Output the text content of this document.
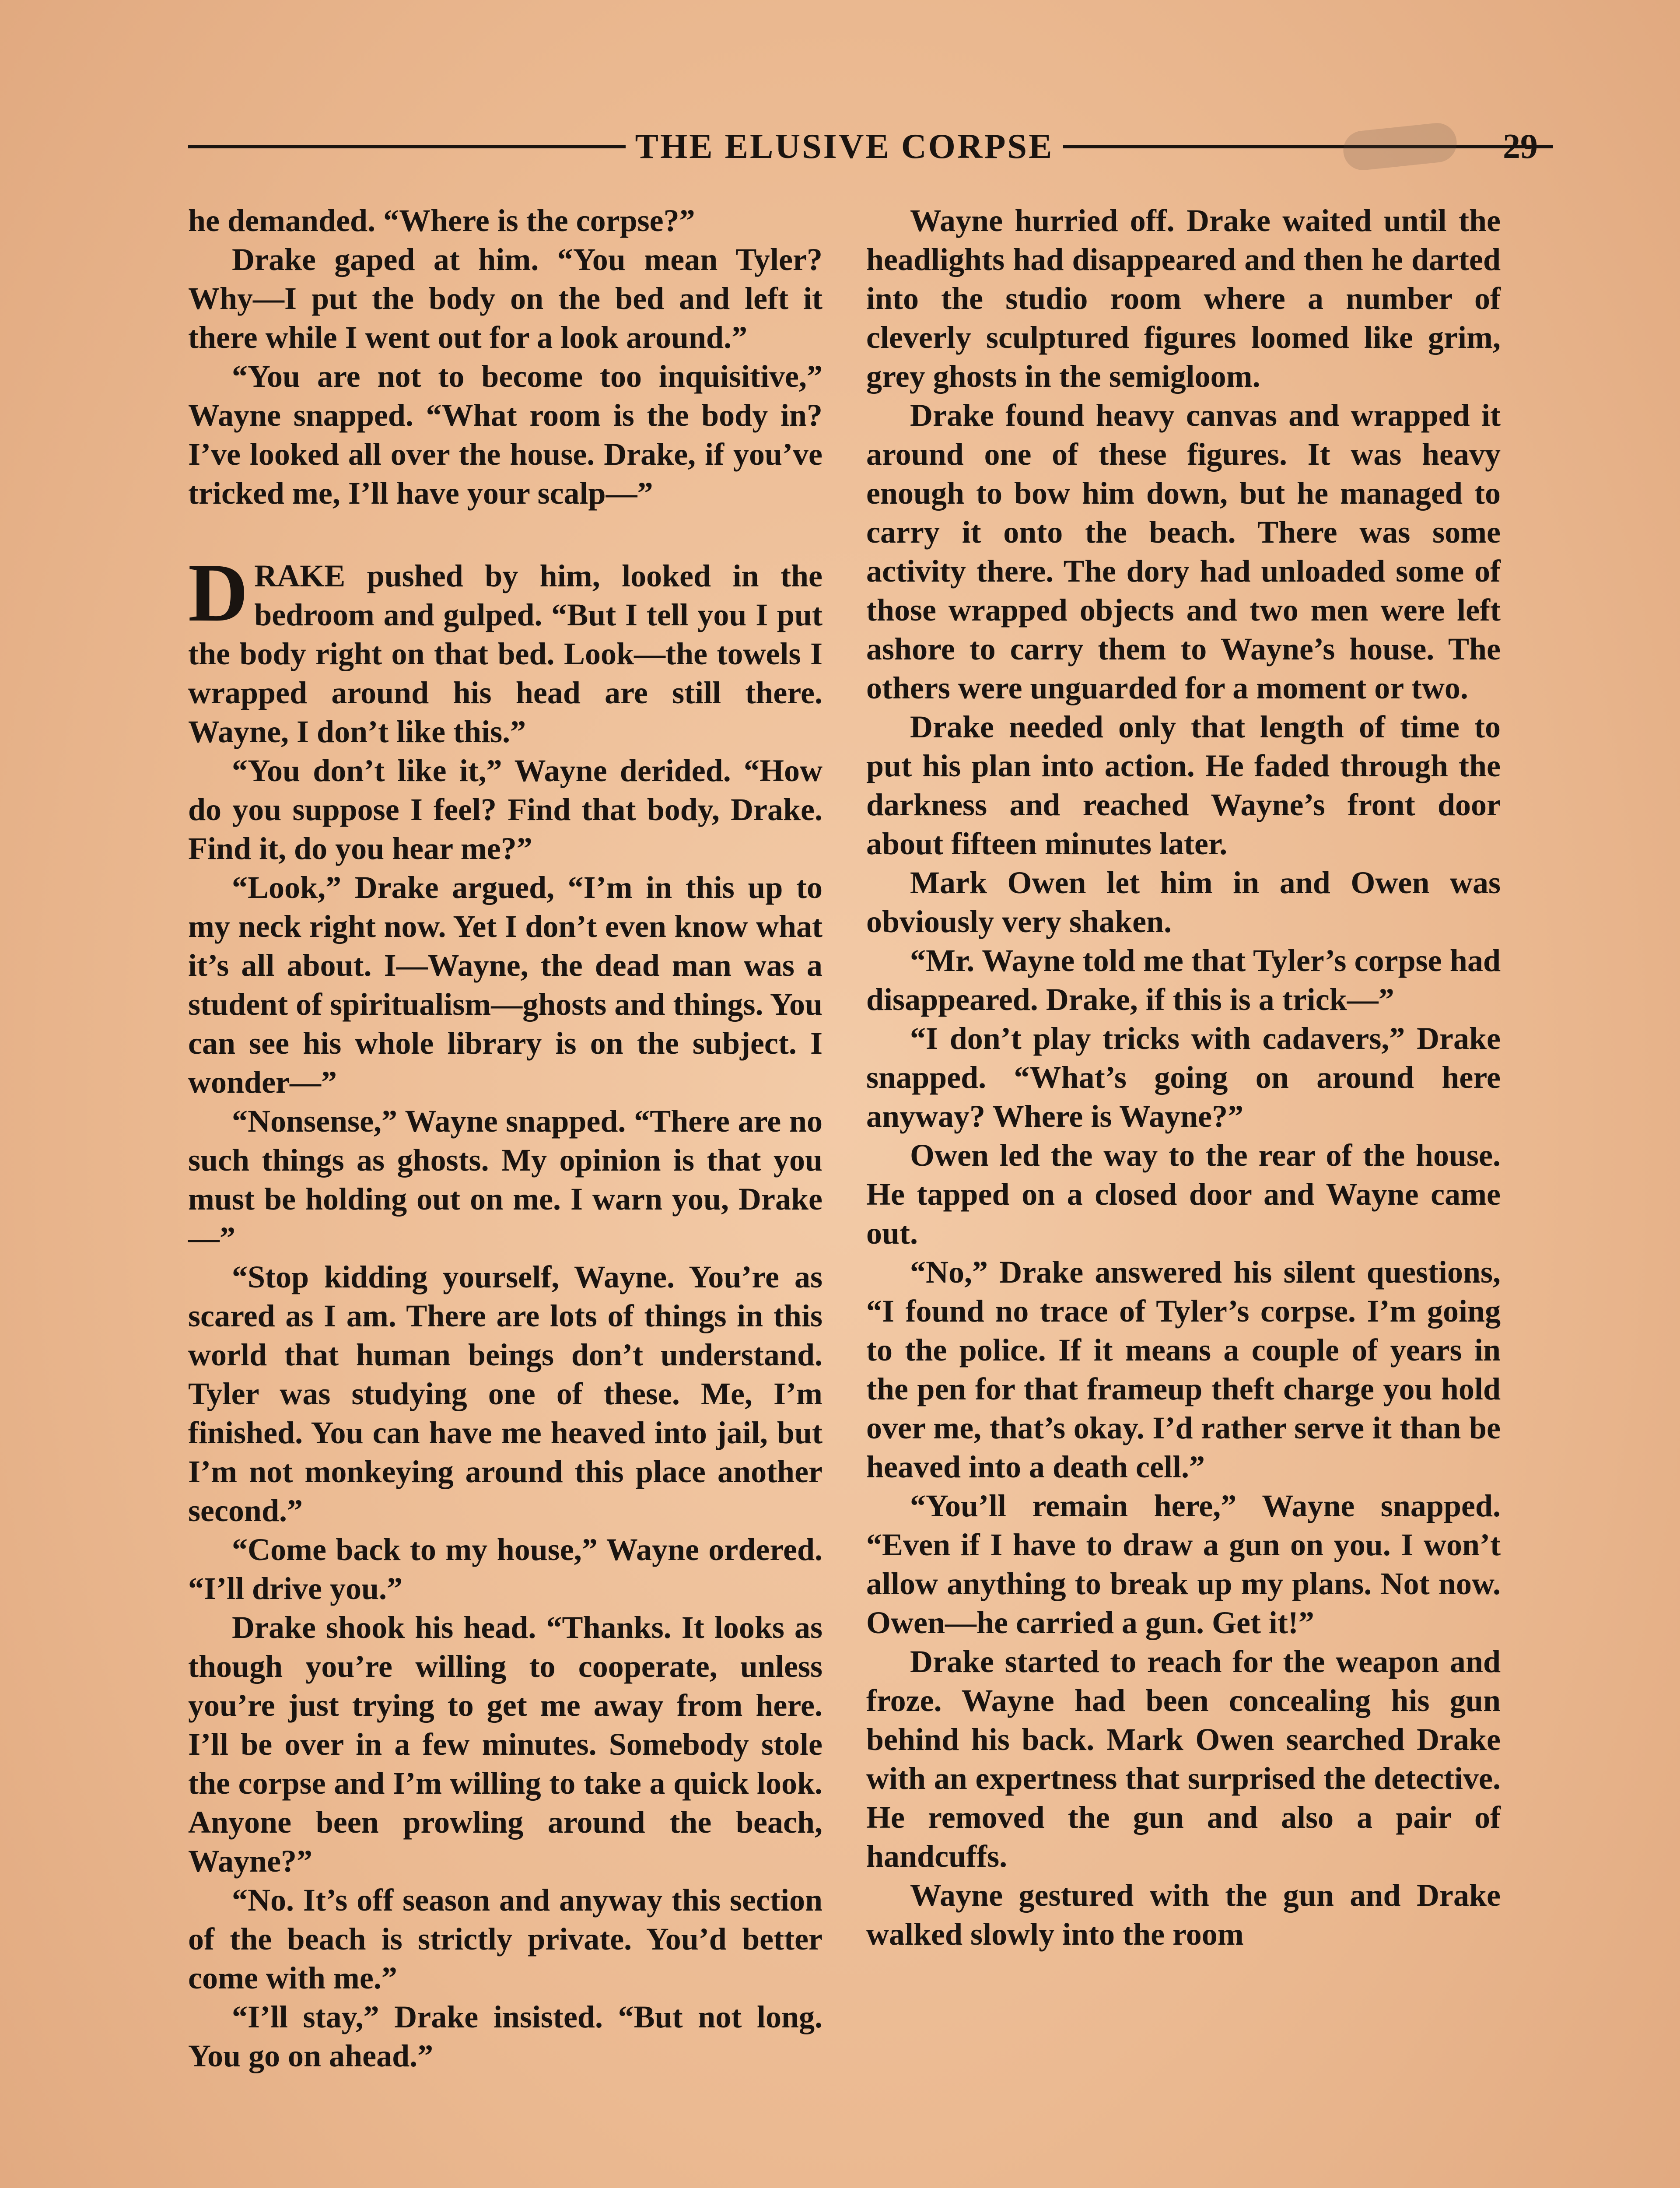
THE ELUSIVE CORPSE	29

he demanded. “Where is the corpse?”

Drake gaped at him. “You mean Tyler? Why—I put the body on the bed and left it there while I went out for a look around.”

“You are not to become too inquisitive,” Wayne snapped. “What room is the body in? I’ve looked all over the house. Drake, if you’ve tricked me, I’ll have your scalp—”

DRAKE pushed by him, looked in the bedroom and gulped. “But I tell you I put the body right on that bed. Look—the towels I wrapped around his head are still there. Wayne, I don’t like this.”

“You don’t like it,” Wayne derided. “How do you suppose I feel? Find that body, Drake. Find it, do you hear me?”

“Look,” Drake argued, “I’m in this up to my neck right now. Yet I don’t even know what it’s all about. I—Wayne, the dead man was a student of spiritualism—ghosts and things. You can see his whole library is on the subject. I wonder—”

“Nonsense,” Wayne snapped. “There are no such things as ghosts. My opinion is that you must be holding out on me. I warn you, Drake—”

“Stop kidding yourself, Wayne. You’re as scared as I am. There are lots of things in this world that human beings don’t understand. Tyler was studying one of these. Me, I’m finished. You can have me heaved into jail, but I’m not monkeying around this place another second.”

“Come back to my house,” Wayne ordered. “I’ll drive you.”

Drake shook his head. “Thanks. It looks as though you’re willing to cooperate, unless you’re just trying to get me away from here. I’ll be over in a few minutes. Somebody stole the corpse and I’m willing to take a quick look. Anyone been prowling around the beach, Wayne?”

“No. It’s off season and anyway this section of the beach is strictly private. You’d better come with me.”

“I’ll stay,” Drake insisted. “But not long. You go on ahead.”

Wayne hurried off. Drake waited until the headlights had disappeared and then he darted into the studio room where a number of cleverly sculptured figures loomed like grim, grey ghosts in the semigloom.

Drake found heavy canvas and wrapped it around one of these figures. It was heavy enough to bow him down, but he managed to carry it onto the beach. There was some activity there. The dory had unloaded some of those wrapped objects and two men were left ashore to carry them to Wayne’s house. The others were unguarded for a moment or two.

Drake needed only that length of time to put his plan into action. He faded through the darkness and reached Wayne’s front door about fifteen minutes later.

Mark Owen let him in and Owen was obviously very shaken.

“Mr. Wayne told me that Tyler’s corpse had disappeared. Drake, if this is a trick—”

“I don’t play tricks with cadavers,” Drake snapped. “What’s going on around here anyway? Where is Wayne?”

Owen led the way to the rear of the house. He tapped on a closed door and Wayne came out.

“No,” Drake answered his silent questions, “I found no trace of Tyler’s corpse. I’m going to the police. If it means a couple of years in the pen for that frameup theft charge you hold over me, that’s okay. I’d rather serve it than be heaved into a death cell.”

“You’ll remain here,” Wayne snapped. “Even if I have to draw a gun on you. I won’t allow anything to break up my plans. Not now. Owen—he carried a gun. Get it!”

Drake started to reach for the weapon and froze. Wayne had been concealing his gun behind his back. Mark Owen searched Drake with an expertness that surprised the detective. He removed the gun and also a pair of handcuffs.

Wayne gestured with the gun and Drake walked slowly into the room
